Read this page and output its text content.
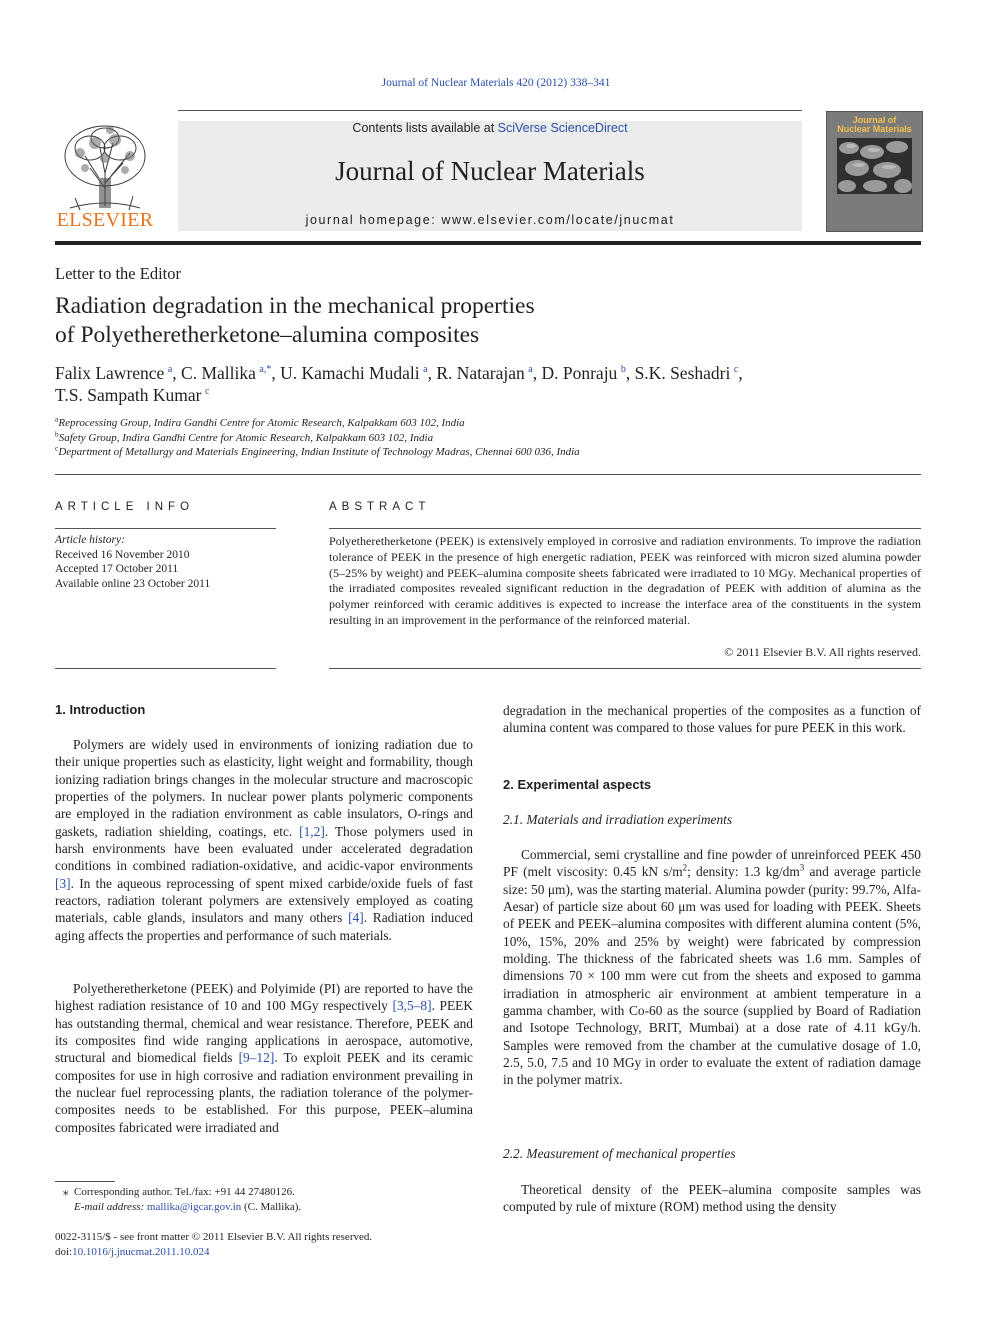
Journal of Nuclear Materials 420 (2012) 338–341
ELSEVIER
Contents lists available at SciVerse ScienceDirect
Journal of Nuclear Materials
journal homepage: www.elsevier.com/locate/jnucmat
Journal of
Nuclear Materials
Letter to the Editor
Radiation degradation in the mechanical properties
of Polyetheretherketone–alumina composites
Falix Lawrence  $^a$, C. Mallika  $^{a,*}$, U. Kamachi Mudali  $^a$, R. Natarajan  $^a$, D. Ponraju  $^b$, S.K. Seshadri  $^c$,
T.S. Sampath Kumar  $^c$
$^a$Reprocessing Group, Indira Gandhi Centre for Atomic Research, Kalpakkam 603 102, India
$^b$Safety Group, Indira Gandhi Centre for Atomic Research, Kalpakkam 603 102, India
$^c$Department of Metallurgy and Materials Engineering, Indian Institute of Technology Madras, Chennai 600 036, India
ARTICLE INFO	ABSTRACT
Article history:
Received 16 November 2010
Accepted 17 October 2011
Available online 23 October 2011
Polyetheretherketone (PEEK) is extensively employed in corrosive and radiation environments. To improve the radiation tolerance of PEEK in the presence of high energetic radiation, PEEK was reinforced with micron sized alumina powder (5–25% by weight) and PEEK–alumina composite sheets fabricated were irradiated to 10 MGy. Mechanical properties of the irradiated composites revealed significant reduction in the degradation of PEEK with addition of alumina as the polymer reinforced with ceramic additives is expected to increase the interface area of the constituents in the system resulting in an improvement in the performance of the reinforced material.
© 2011 Elsevier B.V. All rights reserved.
1. Introduction

Polymers are widely used in environments of ionizing radiation due to their unique properties such as elasticity, light weight and formability, though ionizing radiation brings changes in the molecular structure and macroscopic properties of the polymers. In nuclear power plants polymeric components are employed in the radiation environment as cable insulators, O-rings and gaskets, radiation shielding, coatings, etc. [1,2]. Those polymers used in harsh environments have been evaluated under accelerated degradation conditions in combined radiation-oxidative, and acidic-vapor environments [3]. In the aqueous reprocessing of spent mixed carbide/oxide fuels of fast reactors, radiation tolerant polymers are extensively employed as coating materials, cable glands, insulators and many others [4]. Radiation induced aging affects the properties and performance of such materials.

Polyetheretherketone (PEEK) and Polyimide (PI) are reported to have the highest radiation resistance of 10 and 100 MGy respectively [3,5–8]. PEEK has outstanding thermal, chemical and wear resistance. Therefore, PEEK and its composites find wide ranging applications in aerospace, automotive, structural and biomedical fields [9–12]. To exploit PEEK and its ceramic composites for use in high corrosive and radiation environment prevailing in the nuclear fuel reprocessing plants, the radiation tolerance of the polymer-composites needs to be established. For this purpose, PEEK–alumina composites fabricated were irradiated and

degradation in the mechanical properties of the composites as a function of alumina content was compared to those values for pure PEEK in this work.
2. Experimental aspects
2.1. Materials and irradiation experiments

Commercial, semi crystalline and fine powder of unreinforced PEEK 450 PF (melt viscosity: 0.45 kN $s/m^2$; density: 1.3 $kg/dm^3$ and average particle size: 50 μm), was the starting material. Alumina powder (purity: 99.7%, Alfa-Aesar) of particle size about 60 μm was used for loading with PEEK. Sheets of PEEK and PEEK–alumina composites with different alumina content (5%, 10%, 15%, 20% and 25% by weight) were fabricated by compression molding. The thickness of the fabricated sheets was 1.6 mm. Samples of dimensions 70 × 100 mm were cut from the sheets and exposed to gamma irradiation in atmospheric air environment at ambient temperature in a gamma chamber, with Co-60 as the source (supplied by Board of Radiation and Isotope Technology, BRIT, Mumbai) at a dose rate of 4.11 kGy/h. Samples were removed from the chamber at the cumulative dosage of 1.0, 2.5, 5.0, 7.5 and 10 MGy in order to evaluate the extent of radiation damage in the polymer matrix.

2.2. Measurement of mechanical properties

Theoretical density of the PEEK–alumina composite samples was computed by rule of mixture (ROM) method using the density

⁎ Corresponding author. Tel./fax: +91 44 27480126.
E-mail address: mallika@igcar.gov.in (C. Mallika).
0022-3115/$ - see front matter © 2011 Elsevier B.V. All rights reserved.
doi:10.1016/j.jnucmat.2011.10.024
